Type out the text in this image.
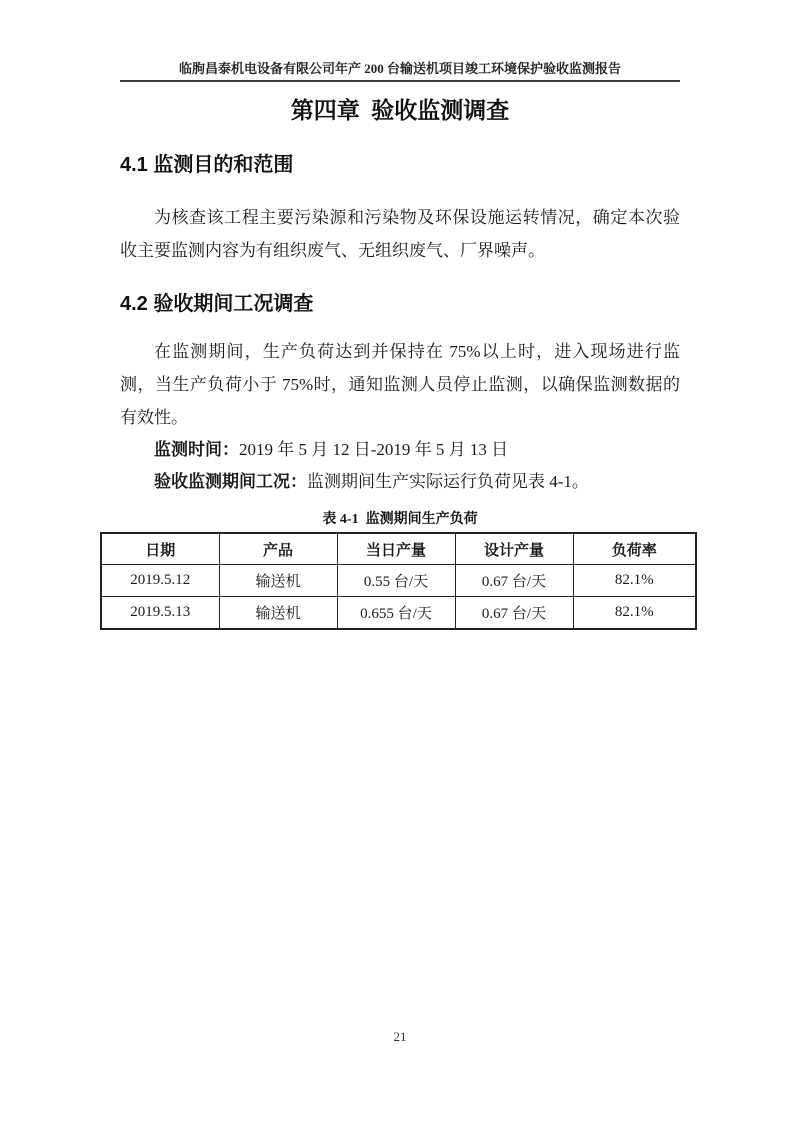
临朐昌泰机电设备有限公司年产 200 台输送机项目竣工环境保护验收监测报告
第四章  验收监测调查
4.1 监测目的和范围

为核查该工程主要污染源和污染物及环保设施运转情况，确定本次验收主要监测内容为有组织废气、无组织废气、厂界噪声。

4.2 验收期间工况调查

在监测期间，生产负荷达到并保持在 75%以上时，进入现场进行监测，当生产负荷小于 75%时，通知监测人员停止监测，以确保监测数据的有效性。

监测时间：2019 年 5 月 12 日-2019 年 5 月 13 日

验收监测期间工况：监测期间生产实际运行负荷见表 4-1。

表 4-1  监测期间生产负荷
日期	产品	当日产量	设计产量	负荷率
2019.5.12	输送机	0.55 台/天	0.67 台/天	82.1%
2019.5.13	输送机	0.655 台/天	0.67 台/天	82.1%
21
